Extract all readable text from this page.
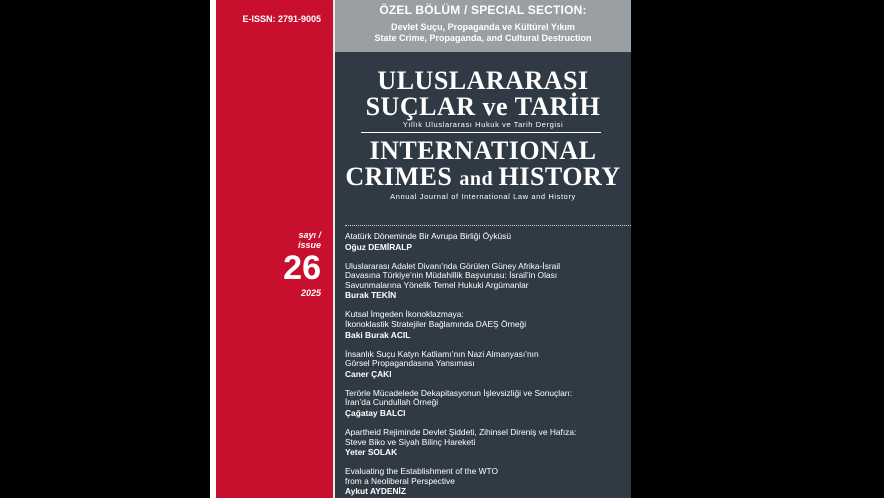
E-ISSN: 2791-9005
sayı /
issue
26
2025
ÖZEL BÖLÜM / SPECIAL SECTION:
Devlet Suçu, Propaganda ve Kültürel Yıkım
State Crime, Propaganda, and Cultural Destruction
ULUSLARARASI
SUÇLAR ve TARİH
Yıllık Uluslararası Hukuk ve Tarih Dergisi
INTERNATIONAL
CRIMES and HISTORY
Annual Journal of International Law and History
Atatürk Döneminde Bir Avrupa Birliği Öyküsü
Oğuz DEMİRALP
Uluslararası Adalet Divanı’nda Görülen Güney Afrika-İsrail
Davasına Türkiye’nin Müdahillik Başvurusu: İsrail’in Olası
Savunmalarına Yönelik Temel Hukuki Argümanlar
Burak TEKİN
Kutsal İmgeden İkonoklazmaya:
İkonoklastik Stratejiler Bağlamında DAEŞ Örneği
Baki Burak ACIL
İnsanlık Suçu Katyn Katliamı’nın Nazi Almanyası’nın
Görsel Propagandasına Yansıması
Caner ÇAKI
Terörle Mücadelede Dekapitasyonun İşlevsizliği ve Sonuçları:
İran’da Cundullah Örneği
Çağatay BALCI
Apartheid Rejiminde Devlet Şiddeti, Zihinsel Direniş ve Hafıza:
Steve Biko ve Siyah Bilinç Hareketi
Yeter SOLAK
Evaluating the Establishment of the WTO
from a Neoliberal Perspective
Aykut AYDENİZ
